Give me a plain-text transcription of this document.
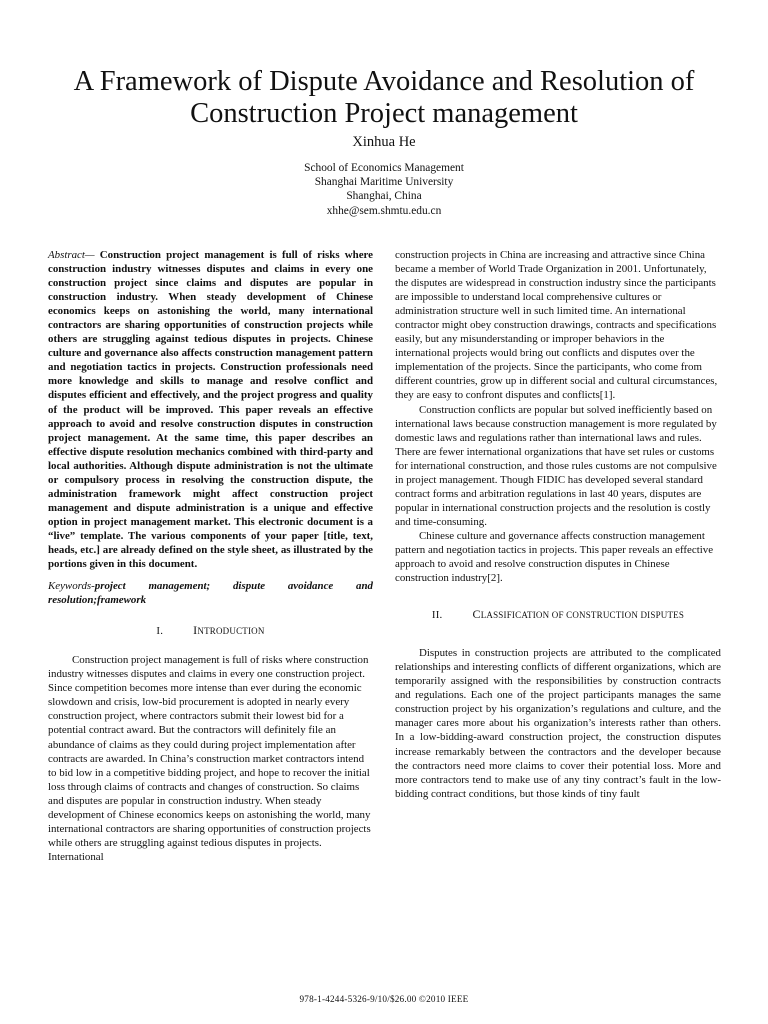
A Framework of Dispute Avoidance and Resolution of Construction Project management
Xinhua He
School of Economics Management
Shanghai Maritime University
Shanghai, China
xhhe@sem.shmtu.edu.cn

Abstract— Construction project management is full of risks where construction industry witnesses disputes and claims in every one construction project since claims and disputes are popular in construction industry. When steady development of Chinese economics keeps on astonishing the world, many international contractors are sharing opportunities of construction projects while others are struggling against tedious disputes in projects. Chinese culture and governance also affects construction management pattern and negotiation tactics in projects. Construction professionals need more knowledge and skills to manage and resolve conflict and disputes efficient and effectively, and the project progress and quality of the product will be improved. This paper reveals an effective approach to avoid and resolve construction disputes in construction project management. At the same time, this paper describes an effective dispute resolution mechanics combined with third-party and local authorities. Although dispute administration is not the ultimate or compulsory process in resolving the construction dispute, the administration framework might affect construction project management and dispute administration is a unique and effective option in project management market. This electronic document is a “live” template. The various components of your paper [title, text, heads, etc.] are already defined on the style sheet, as illustrated by the portions given in this document.

Keywords-project management; dispute avoidance and resolution;framework

I.	INTRODUCTION

Construction project management is full of risks where construction industry witnesses disputes and claims in every one construction project. Since competition becomes more intense than ever during the economic slowdown and crisis, low-bid procurement is adopted in nearly every construction project, where contractors submit their lowest bid for a potential contract award. But the contractors will definitely file an abundance of claims as they could during project implementation after contracts are awarded. In China’s construction market contractors intend to bid low in a competitive bidding project, and hope to recover the initial loss through claims of contracts and changes of construction. So claims and disputes are popular in construction industry. When steady development of Chinese economics keeps on astonishing the world, many international contractors are sharing opportunities of construction projects while others are struggling against tedious disputes in projects. International

construction projects in China are increasing and attractive since China became a member of World Trade Organization in 2001. Unfortunately, the disputes are widespread in construction industry since the participants are impossible to understand local comprehensive cultures or administration structure well in such limited time. An international contractor might obey construction drawings, contracts and specifications easily, but any misunderstanding or improper behaviors in the international projects would bring out conflicts and disputes over the implementation of the projects. Since the participants, who come from different countries, grow up in different social and cultural circumstances, they are easy to confront disputes and conflicts[1].

Construction conflicts are popular but solved inefficiently based on international laws because construction management is more regulated by domestic laws and regulations rather than international laws and rules. There are fewer international organizations that have set rules or customs for international construction, and those rules customs are not compulsive in project management. Though FIDIC has developed several standard contract forms and arbitration regulations in last 40 years, disputes are popular in international construction projects and the resolution is costly and time-consuming.

Chinese culture and governance affects construction management pattern and negotiation tactics in projects. This paper reveals an effective approach to avoid and resolve construction disputes in Chinese construction industry[2].

II.	CLASSIFICATION OF CONSTRUCTION DISPUTES

Disputes in construction projects are attributed to the complicated relationships and interesting conflicts of different organizations, which are temporarily assigned with the responsibilities by construction contracts and regulations. Each one of the project participants manages the same construction project by his organization’s regulations and culture, and the manager cares more about his organization’s interests rather than others. In a low-bidding-award construction project, the construction disputes increase remarkably between the contractors and the developer because the contractors need more claims to cover their potential loss. More and more contractors tend to make use of any tiny contract’s fault in the low-bidding contract conditions, but those kinds of tiny fault

978-1-4244-5326-9/10/$26.00 ©2010 IEEE
